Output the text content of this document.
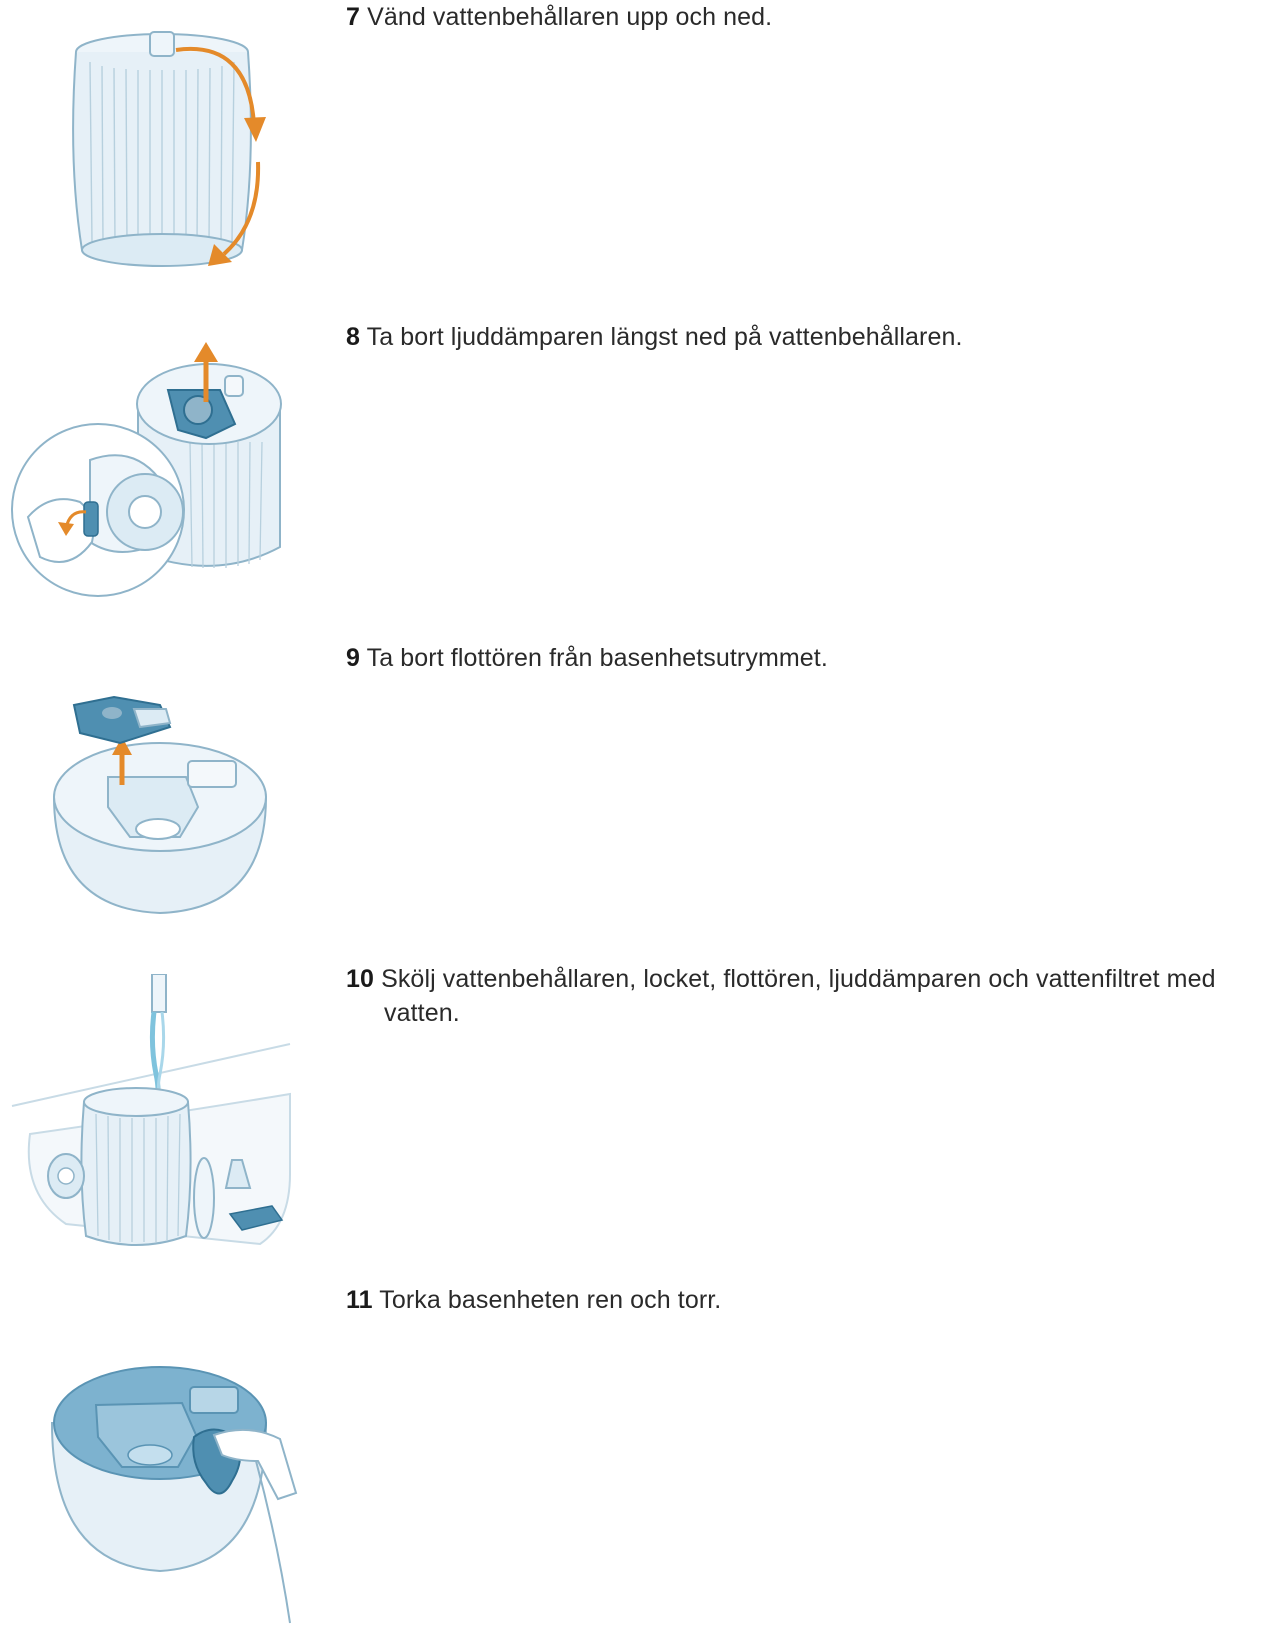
7 Vänd vattenbehållaren upp och ned.

8 Ta bort ljuddämparen längst ned på vattenbehållaren.

9 Ta bort flottören från basenhetsutrymmet.

10 Skölj vattenbehållaren, locket, flottören, ljuddämparen och vattenfiltret med vatten.

11 Torka basenheten ren och torr.
